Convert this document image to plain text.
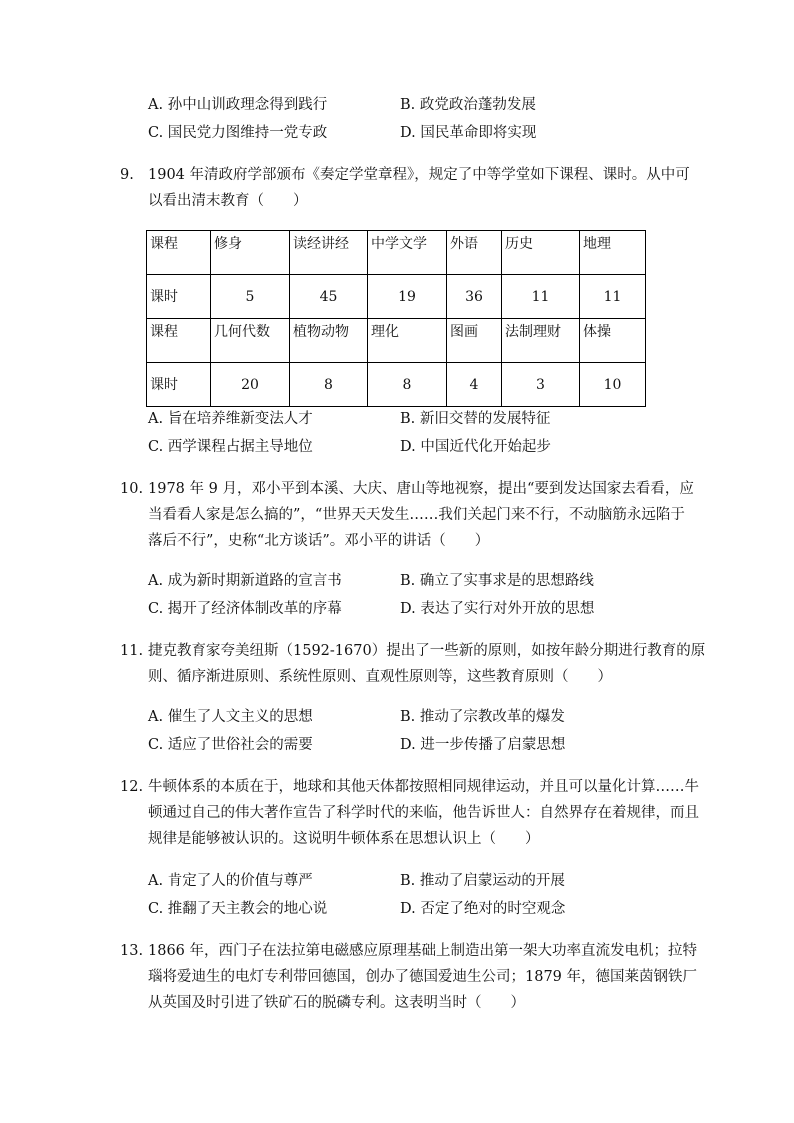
A. 孙中山训政理念得到践行	B. 政党政治蓬勃发展
C. 国民党力图维持一党专政	D. 国民革命即将实现
9. 1904 年清政府学部颁布《奏定学堂章程》，规定了中等学堂如下课程、课时。从中可
以看出清末教育（　　）
课程	修身	读经讲经	中学文学	外语	历史	地理
课时	5	45	19	36	11	11
课程	几何代数	植物动物	理化	图画	法制理财	体操
课时	20	8	8	4	3	10
A. 旨在培养维新变法人才	B. 新旧交替的发展特征
C. 西学课程占据主导地位	D. 中国近代化开始起步
10. 1978 年 9 月，邓小平到本溪、大庆、唐山等地视察，提出“要到发达国家去看看，应
当看看人家是怎么搞的”，“世界天天发生……我们关起门来不行，不动脑筋永远陷于
落后不行”，史称“北方谈话”。邓小平的讲话（　　）
A. 成为新时期新道路的宣言书	B. 确立了实事求是的思想路线
C. 揭开了经济体制改革的序幕	D. 表达了实行对外开放的思想
11. 捷克教育家夸美纽斯（1592-1670）提出了一些新的原则，如按年龄分期进行教育的原
则、循序渐进原则、系统性原则、直观性原则等，这些教育原则（　　）
A. 催生了人文主义的思想	B. 推动了宗教改革的爆发
C. 适应了世俗社会的需要	D. 进一步传播了启蒙思想
12. 牛顿体系的本质在于，地球和其他天体都按照相同规律运动，并且可以量化计算……牛
顿通过自己的伟大著作宣告了科学时代的来临，他告诉世人：自然界存在着规律，而且
规律是能够被认识的。这说明牛顿体系在思想认识上（　　）
A. 肯定了人的价值与尊严	B. 推动了启蒙运动的开展
C. 推翻了天主教会的地心说	D. 否定了绝对的时空观念
13. 1866 年，西门子在法拉第电磁感应原理基础上制造出第一架大功率直流发电机；拉特
瑙将爱迪生的电灯专利带回德国，创办了德国爱迪生公司；1879 年，德国莱茵钢铁厂
从英国及时引进了铁矿石的脱磷专利。这表明当时（　　）
